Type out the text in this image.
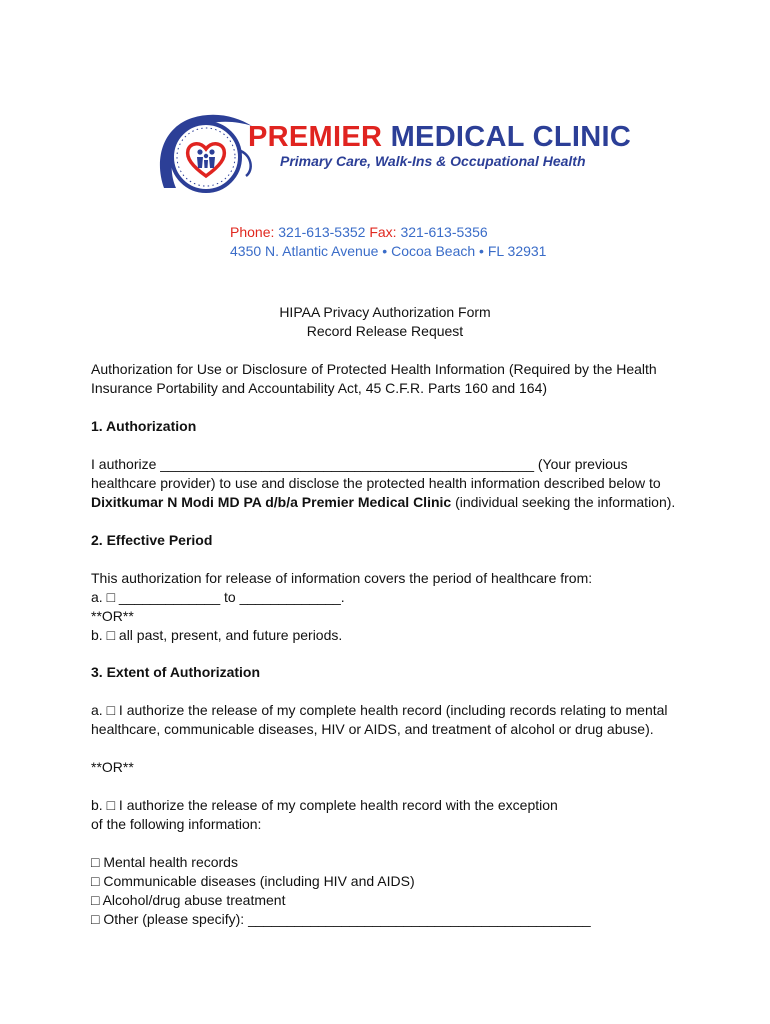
PREMIER MEDICAL CLINIC
Primary Care, Walk-Ins & Occupational Health
Phone: 321-613-5352 Fax: 321-613-5356
4350 N. Atlantic Avenue • Cocoa Beach • FL 32931
HIPAA Privacy Authorization Form
Record Release Request
Authorization for Use or Disclosure of Protected Health Information (Required by the Health
Insurance Portability and Accountability Act, 45 C.F.R. Parts 160 and 164)
1. Authorization
I authorize ________________________________________________ (Your previous
healthcare provider) to use and disclose the protected health information described below to
Dixitkumar N Modi MD PA d/b/a Premier Medical Clinic (individual seeking the information).
2. Effective Period
This authorization for release of information covers the period of healthcare from:
a. □ _____________ to _____________.
**OR**
b. □ all past, present, and future periods.
3. Extent of Authorization
a. □ I authorize the release of my complete health record (including records relating to mental
healthcare, communicable diseases, HIV or AIDS, and treatment of alcohol or drug abuse).
**OR**
b. □ I authorize the release of my complete health record with the exception
of the following information:
□ Mental health records
□ Communicable diseases (including HIV and AIDS)
□ Alcohol/drug abuse treatment
□ Other (please specify): ____________________________________________
